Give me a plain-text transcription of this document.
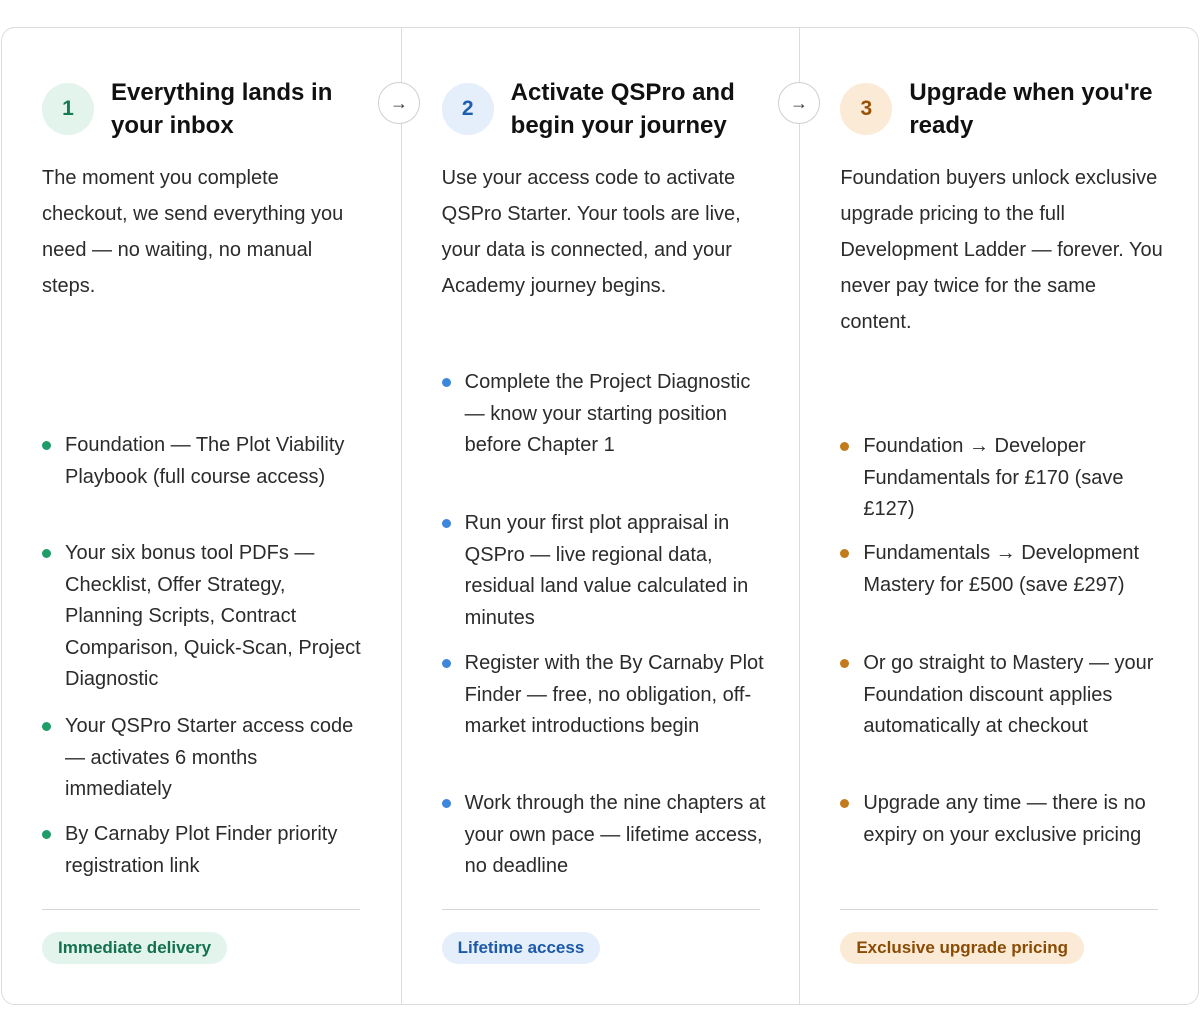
1
Everything lands in your inbox

The moment you complete checkout, we send everything you need — no waiting, no manual steps.

Foundation — The Plot Viability Playbook (full course access)
Your six bonus tool PDFs — Checklist, Offer Strategy, Planning Scripts, Contract Comparison, Quick-Scan, Project Diagnostic
Your QSPro Starter access code — activates 6 months immediately
By Carnaby Plot Finder priority registration link
Immediate delivery
2
Activate QSPro and begin your journey

Use your access code to activate QSPro Starter. Your tools are live, your data is connected, and your Academy journey begins.

Complete the Project Diagnostic — know your starting position before Chapter 1
Run your first plot appraisal in QSPro — live regional data, residual land value calculated in minutes
Register with the By Carnaby Plot Finder — free, no obligation, off-market introductions begin
Work through the nine chapters at your own pace — lifetime access, no deadline
Lifetime access
3
Upgrade when you're ready

Foundation buyers unlock exclusive upgrade pricing to the full Development Ladder — forever. You never pay twice for the same content.

Foundation → Developer Fundamentals for £170 (save £127)
Fundamentals → Development Mastery for £500 (save £297)
Or go straight to Mastery — your Foundation discount applies automatically at checkout
Upgrade any time — there is no expiry on your exclusive pricing
Exclusive upgrade pricing
→	→
